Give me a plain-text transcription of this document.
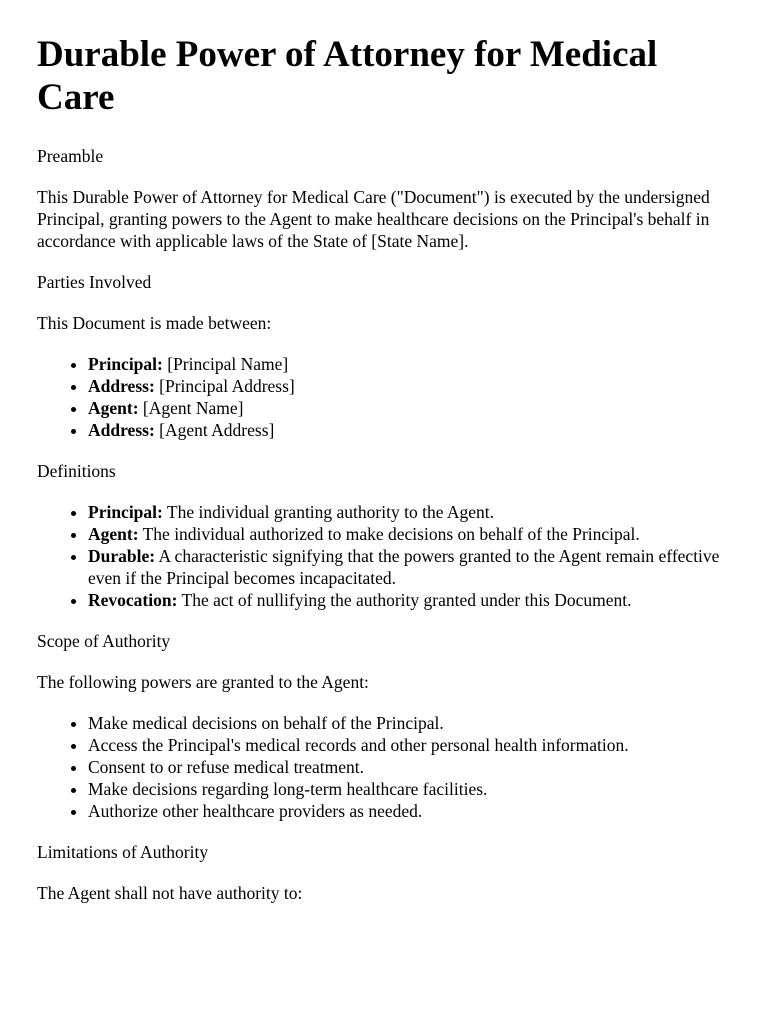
Durable Power of Attorney for Medical Care
Preamble

This Durable Power of Attorney for Medical Care ("Document") is executed by the undersigned Principal, granting powers to the Agent to make healthcare decisions on the Principal's behalf in accordance with applicable laws of the State of [State Name].

Parties Involved

This Document is made between:

• Principal: [Principal Name]
• Address: [Principal Address]
• Agent: [Agent Name]
• Address: [Agent Address]
Definitions
• Principal: The individual granting authority to the Agent.
• Agent: The individual authorized to make decisions on behalf of the Principal.
• Durable: A characteristic signifying that the powers granted to the Agent remain effective even if the Principal becomes incapacitated.
• Revocation: The act of nullifying the authority granted under this Document.
Scope of Authority

The following powers are granted to the Agent:

• Make medical decisions on behalf of the Principal.
• Access the Principal's medical records and other personal health information.
• Consent to or refuse medical treatment.
• Make decisions regarding long-term healthcare facilities.
• Authorize other healthcare providers as needed.
Limitations of Authority

The Agent shall not have authority to:
